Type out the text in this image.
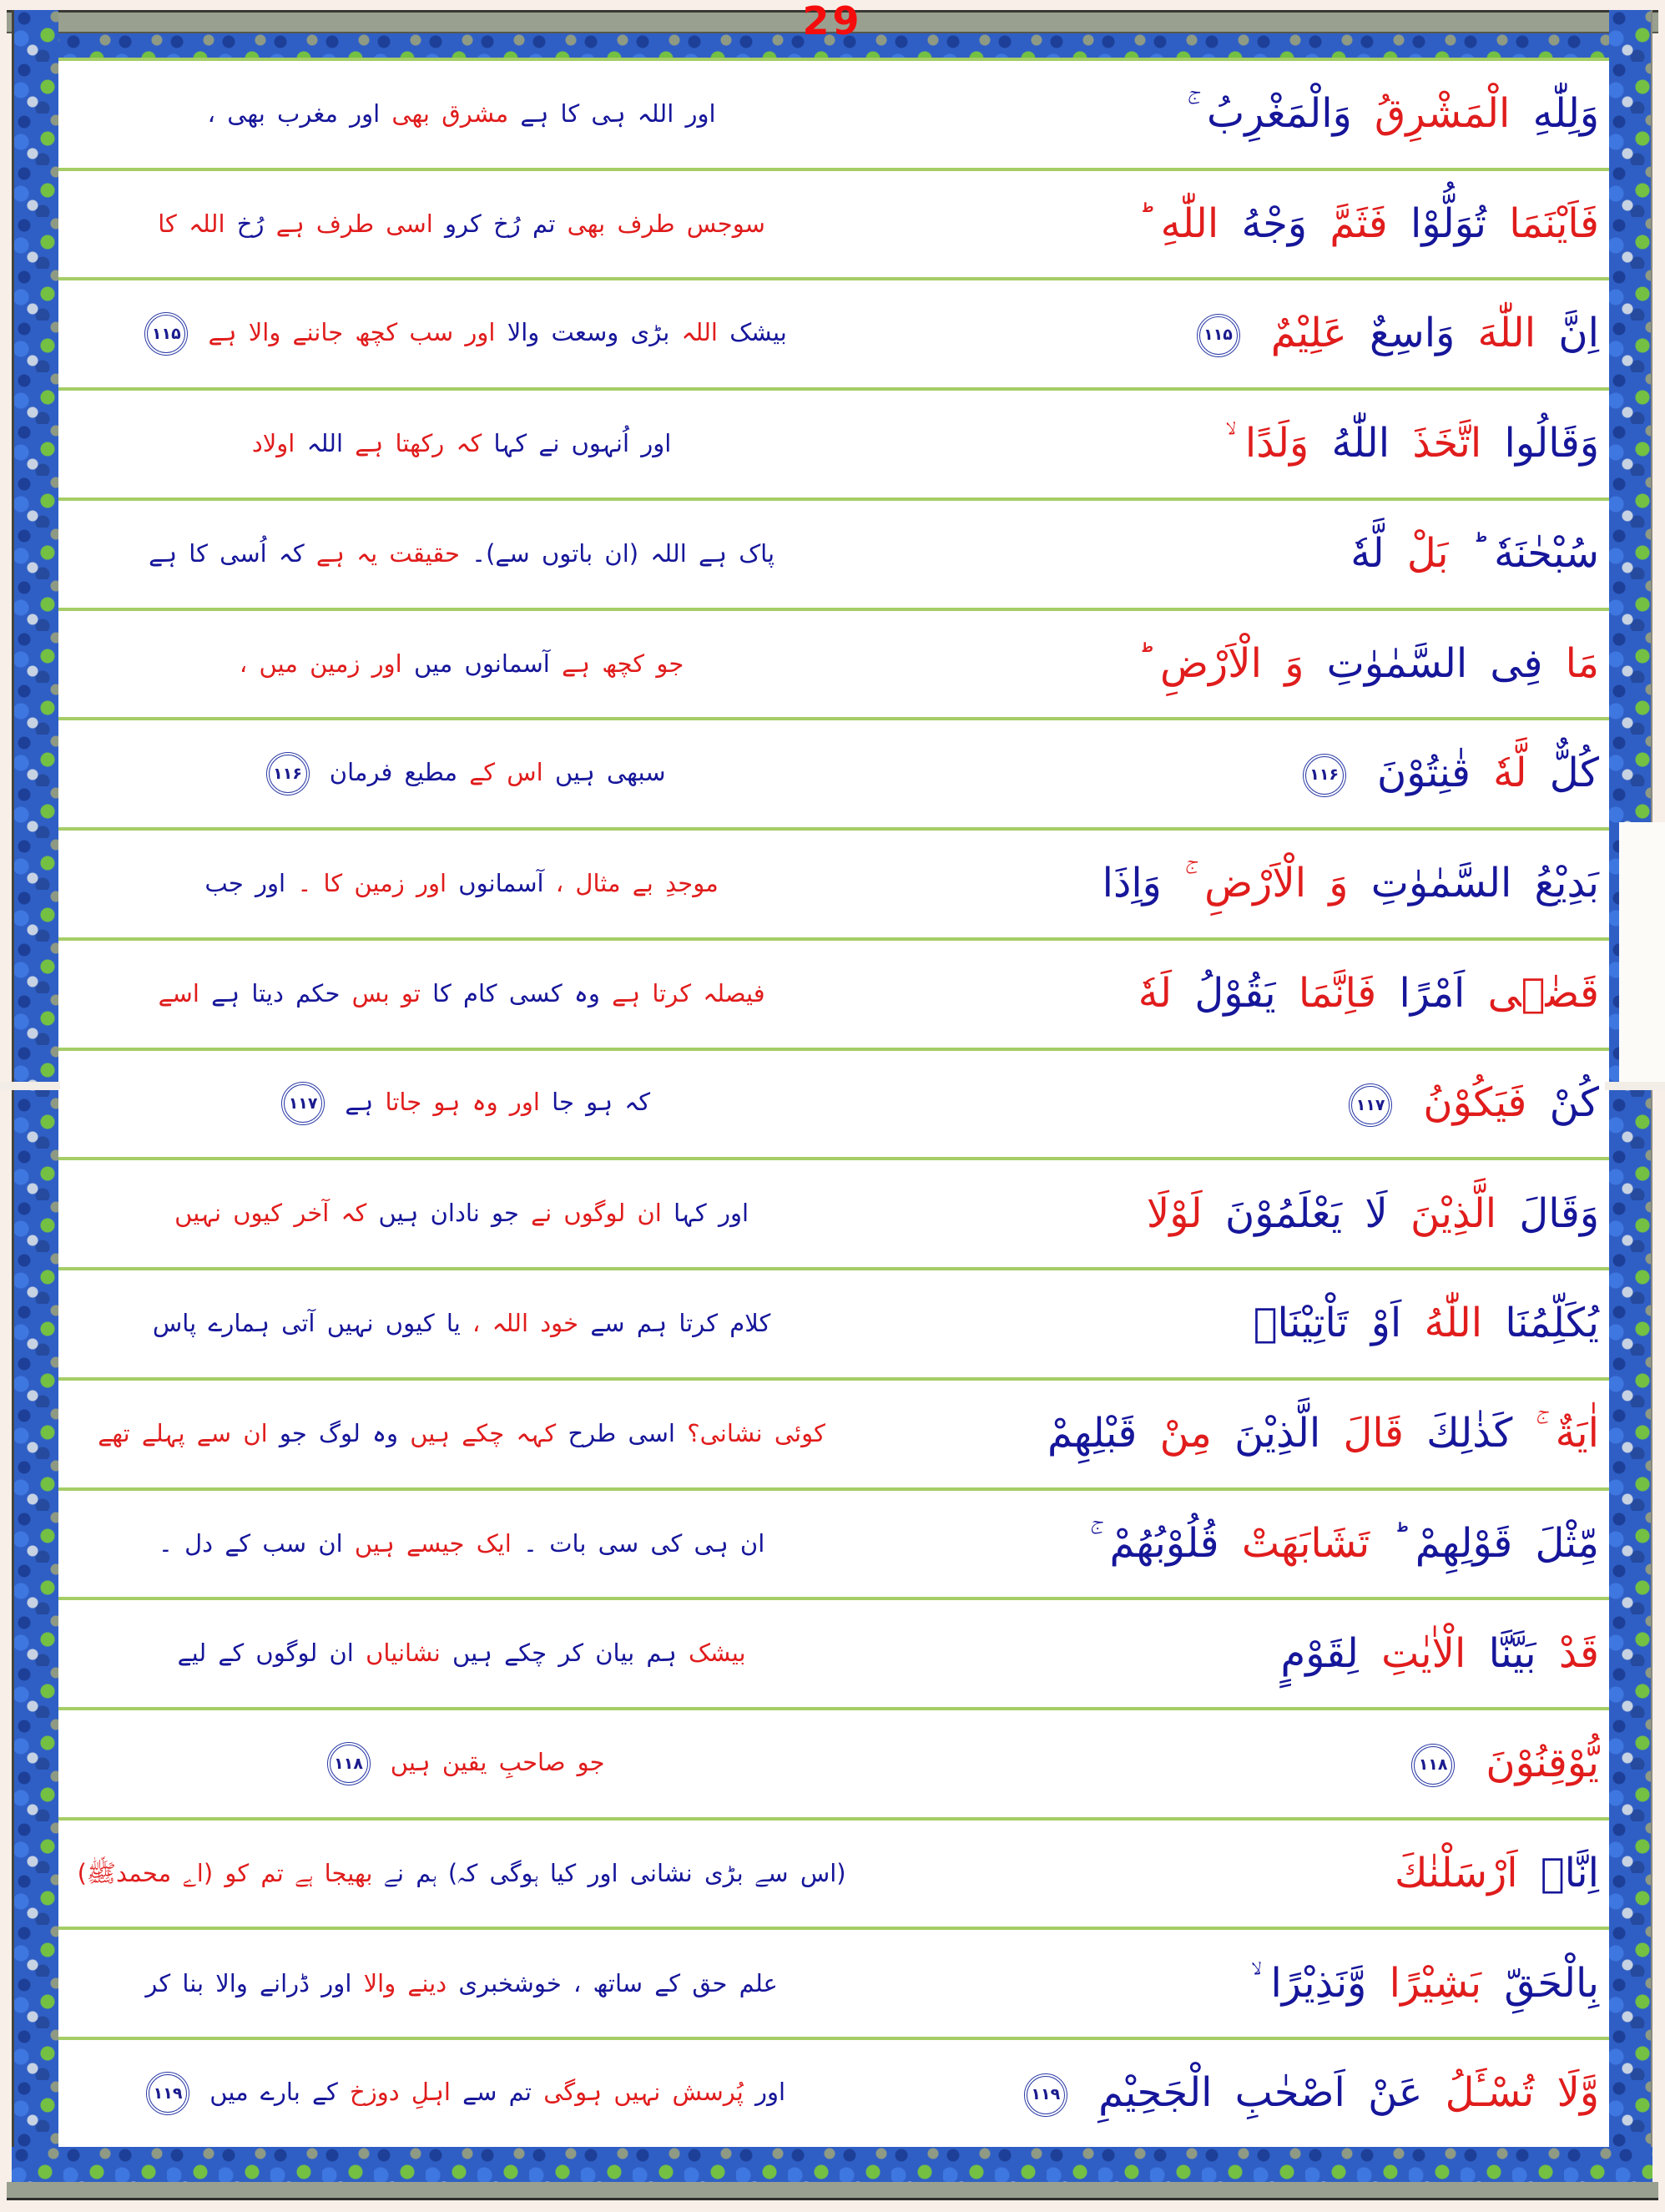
29
وَلِلّٰهِ الْمَشْرِقُ وَالْمَغْرِبُ ۚ
اور اللہ ہی کا ہے مشرق بھی اور مغرب بھی ،
فَاَيْنَمَا تُوَلُّوْا فَثَمَّ وَجْهُ اللّٰهِ ؕ
سوجس طرف بھی تم رُخ کرو اسی طرف ہے رُخ اللہ کا
اِنَّ اللّٰهَ وَاسِعٌ عَلِيْمٌ ۱۱۵
بیشک اللہ بڑی وسعت والا اور سب کچھ جاننے والا ہے ۱۱۵
وَقَالُوا اتَّخَذَ اللّٰهُ وَلَدًا ۙ
اور اُنہوں نے کہا کہ رکھتا ہے اللہ اولاد
سُبْحٰنَهٗ ؕ بَلْ لَّهٗ
پاک ہے اللہ (ان باتوں سے)۔ حقیقت یہ ہے کہ اُسی کا ہے
مَا فِی السَّمٰوٰتِ وَ الْاَرْضِ ؕ
جو کچھ ہے آسمانوں میں اور زمین میں ،
كُلٌّ لَّهٗ قٰنِتُوْنَ ۱۱۶
سبھی ہیں اس کے مطیع فرمان ۱۱۶
بَدِيْعُ السَّمٰوٰتِ وَ الْاَرْضِ ۚ وَاِذَا
موجدِ بے مثال ، آسمانوں اور زمین کا ۔ اور جب
قَضٰۤى اَمْرًا فَاِنَّمَا يَقُوْلُ لَهٗ
فیصلہ کرتا ہے وہ کسی کام کا تو بس حکم دیتا ہے اسے
كُنْ فَيَكُوْنُ ۱۱۷
کہ ہو جا اور وہ ہو جاتا ہے ۱۱۷
وَقَالَ الَّذِيْنَ لَا يَعْلَمُوْنَ لَوْلَا
اور کہا ان لوگوں نے جو نادان ہیں کہ آخر کیوں نہیں
يُكَلِّمُنَا اللّٰهُ اَوْ تَاْتِيْنَاۤ
کلام کرتا ہم سے خود اللہ ، یا کیوں نہیں آتی ہمارے پاس
اٰيَةٌ ۚ كَذٰلِكَ قَالَ الَّذِيْنَ مِنْ قَبْلِهِمْ
کوئی نشانی؟ اسی طرح کہہ چکے ہیں وہ لوگ جو ان سے پہلے تھے
مِّثْلَ قَوْلِهِمْ ؕ تَشَابَهَتْ قُلُوْبُهُمْ ۚ
ان ہی کی سی بات ۔ ایک جیسے ہیں ان سب کے دل ۔
قَدْ بَيَّنَّا الْاٰيٰتِ لِقَوْمٍ
بیشک ہم بیان کر چکے ہیں نشانیاں ان لوگوں کے لیے
يُّوْقِنُوْنَ ۱۱۸
جو صاحبِ یقین ہیں ۱۱۸
اِنَّاۤ اَرْسَلْنٰكَ
(اس سے بڑی نشانی اور کیا ہوگی کہ) ہم نے بھیجا ہے تم کو (اے محمدﷺ)
بِالْحَقِّ بَشِيْرًا وَّنَذِيْرًا ۙ
علم حق کے ساتھ ، خوشخبری دینے والا اور ڈرانے والا بنا کر
وَّلَا تُسْـَٔلُ عَنْ اَصْحٰبِ الْجَحِيْمِ ۱۱۹
اور پُرسش نہیں ہوگی تم سے اہلِ دوزخ کے بارے میں ۱۱۹
